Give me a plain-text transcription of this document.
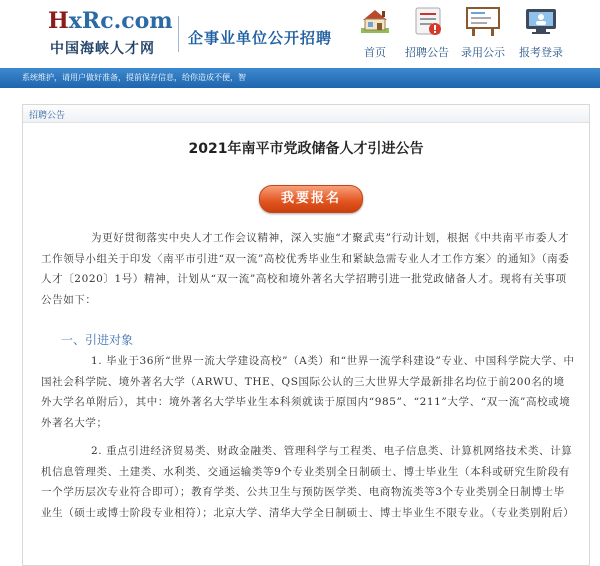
HxRc.com
中国海峡人才网
企事业单位公开招聘
首页	招聘公告	录用公示	报考登录
系统维护，请用户做好准备，提前保存信息，给你造成不便，智
招聘公告
2021年南平市党政储备人才引进公告
我要报名
为更好贯彻落实中央人才工作会议精神，深入实施“才聚武夷”行动计划，根据《中共南平市委人才工作领导小组关于印发〈南平市引进“双一流”高校优秀毕业生和紧缺急需专业人才工作方案〉的通知》（南委人才〔2020〕1号）精神，计划从“双一流”高校和境外著名大学招聘引进一批党政储备人才。现将有关事项公告如下：
一、引进对象
1. 毕业于36所“世界一流大学建设高校”（A类）和“世界一流学科建设”专业、中国科学院大学、中国社会科学院、境外著名大学（ARWU、THE、QS国际公认的三大世界大学最新排名均位于前200名的境外大学名单附后），其中：境外著名大学毕业生本科须就读于原国内“985”、“211”大学、“双一流”高校或境外著名大学；
2. 重点引进经济贸易类、财政金融类、管理科学与工程类、电子信息类、计算机网络技术类、计算机信息管理类、土建类、水利类、交通运输类等9个专业类别全日制硕士、博士毕业生（本科或研究生阶段有一个学历层次专业符合即可）；教育学类、公共卫生与预防医学类、电商物流类等3个专业类别全日制博士毕业生（硕士或博士阶段专业相符）；北京大学、清华大学全日制硕士、博士毕业生不限专业。（专业类别附后）
